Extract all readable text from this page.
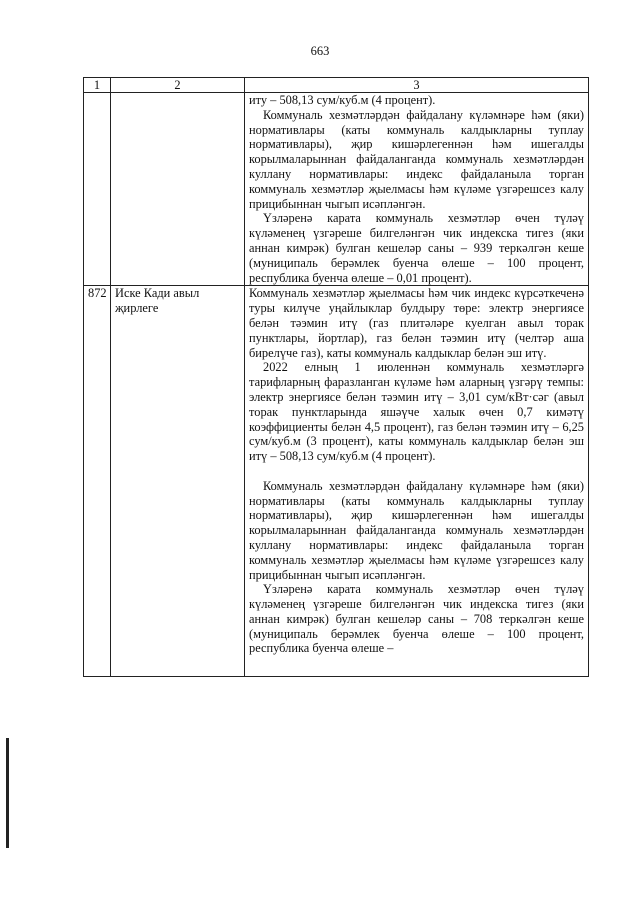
663
1	2	3

		иту – 508,13 сум/куб.м (4 процент).

Коммуналь хезмәтләрдән файдалану күләмнәре һәм (яки) нормативлары (каты коммуналь калдыкларны туплау нормативлары), җир кишәрлегеннән һәм ишегалды корылмаларыннан файдаланганда коммуналь хезмәтләрдән куллану нормативлары: индекс файдаланыла торган коммуналь хезмәтләр җыелмасы һәм күләме үзгәрешсез калу прицибыннан чыгып исәпләнгән.

Үзләренә карата коммуналь хезмәтләр өчен түләү күләменең үзгәреше билгеләнгән чик индекска тигез (яки аннан кимрәк) булган кешеләр саны – 939 теркәлгән кеше (муниципаль берәмлек буенча өлеше – 100 процент, республика буенча өлеше – 0,01 процент).

872	Иске Кади авыл җирлеге	Коммуналь хезмәтләр җыелмасы һәм чик индекс күрсәткеченә туры килүче уңайлыклар булдыру төре: электр энергиясе белән тәэмин итү (газ плитәләре куелган авыл торак пунктлары, йортлар), газ белән тәэмин итү (челтәр аша бирелүче газ), каты коммуналь калдыклар белән эш итү.

2022 елның 1 июленнән коммуналь хезмәтләргә тарифларның фаразланган күләме һәм аларның үзгәрү темпы: электр энергиясе белән тәэмин итү – 3,01 сум/кВт·сәг (авыл торак пунктларында яшәүче халык өчен 0,7 кимәтү коэффициенты белән 4,5 процент), газ белән тәэмин итү – 6,25 сум/куб.м (3 процент), каты коммуналь калдыклар белән эш итү – 508,13 сум/куб.м (4 процент).

Коммуналь хезмәтләрдән файдалану күләмнәре һәм (яки) нормативлары (каты коммуналь калдыкларны туплау нормативлары), җир кишәрлегеннән һәм ишегалды корылмаларыннан файдаланганда коммуналь хезмәтләрдән куллану нормативлары: индекс файдаланыла торган коммуналь хезмәтләр җыелмасы һәм күләме үзгәрешсез калу прицибыннан чыгып исәпләнгән.

Үзләренә карата коммуналь хезмәтләр өчен түләү күләменең үзгәреше билгеләнгән чик индекска тигез (яки аннан кимрәк) булган кешеләр саны – 708 теркәлгән кеше (муниципаль берәмлек буенча өлеше – 100 процент, республика буенча өлеше –
